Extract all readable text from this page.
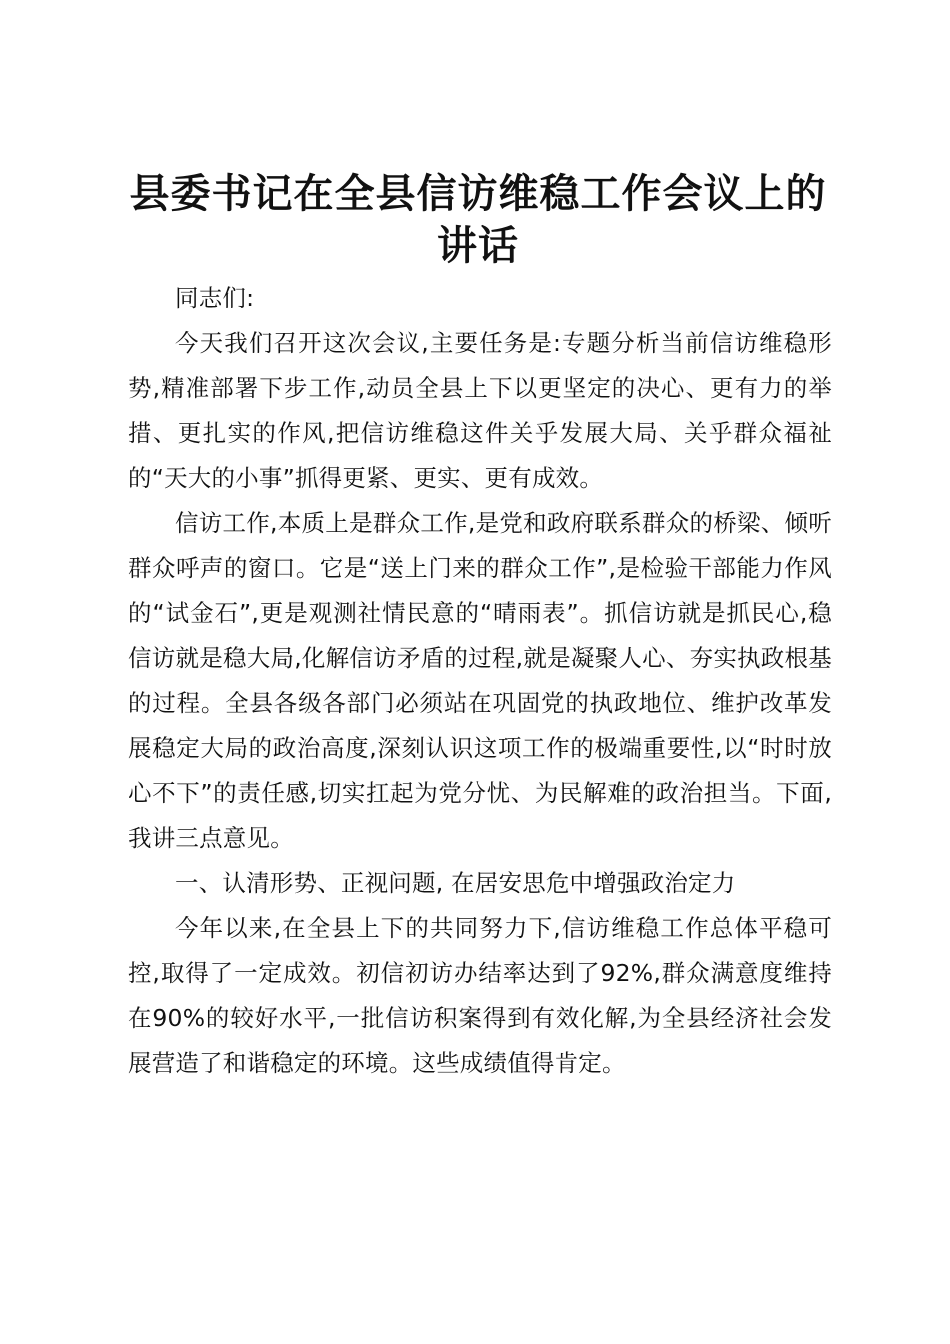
县委书记在全县信访维稳工作会议上的讲话

同志们:

今天我们召开这次会议,主要任务是:专题分析当前信访维稳形势,精准部署下步工作,动员全县上下以更坚定的决心、更有力的举措、更扎实的作风,把信访维稳这件关乎发展大局、关乎群众福祉的“天大的小事”抓得更紧、更实、更有成效。

信访工作,本质上是群众工作,是党和政府联系群众的桥梁、倾听群众呼声的窗口。它是“送上门来的群众工作”,是检验干部能力作风的“试金石”,更是观测社情民意的“晴雨表”。抓信访就是抓民心,稳信访就是稳大局,化解信访矛盾的过程,就是凝聚人心、夯实执政根基的过程。全县各级各部门必须站在巩固党的执政地位、维护改革发展稳定大局的政治高度,深刻认识这项工作的极端重要性,以“时时放心不下”的责任感,切实扛起为党分忧、为民解难的政治担当。下面,我讲三点意见。

一、认清形势、正视问题, 在居安思危中增强政治定力

今年以来,在全县上下的共同努力下,信访维稳工作总体平稳可控,取得了一定成效。初信初访办结率达到了92%,群众满意度维持在90%的较好水平,一批信访积案得到有效化解,为全县经济社会发展营造了和谐稳定的环境。这些成绩值得肯定。
